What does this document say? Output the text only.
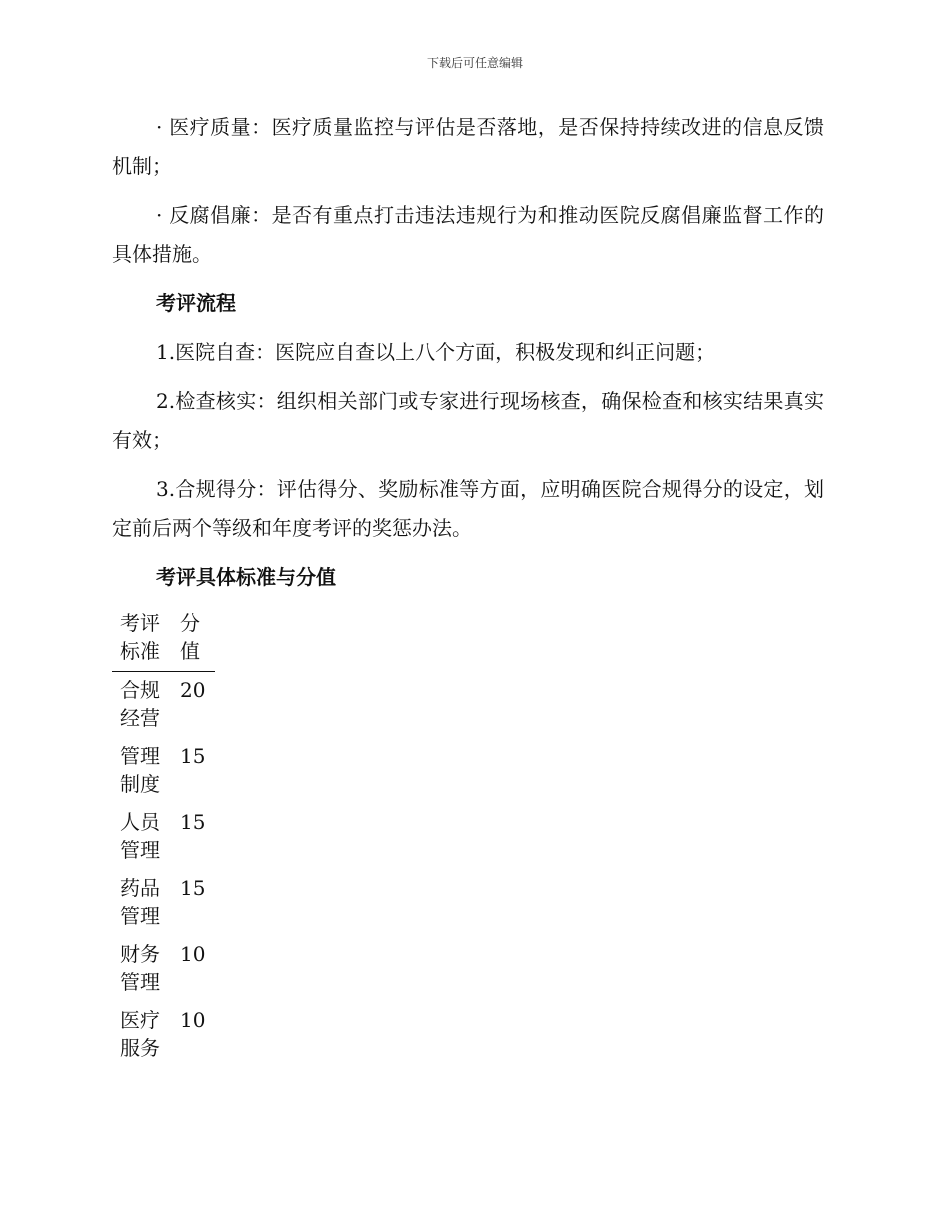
下载后可任意编辑

· 医疗质量：医疗质量监控与评估是否落地，是否保持持续改进的信息反馈机制；

· 反腐倡廉：是否有重点打击违法违规行为和推动医院反腐倡廉监督工作的具体措施。

考评流程

1.医院自查：医院应自查以上八个方面，积极发现和纠正问题；

2.检查核实：组织相关部门或专家进行现场核查，确保检查和核实结果真实有效；

3.合规得分：评估得分、奖励标准等方面，应明确医院合规得分的设定，划定前后两个等级和年度考评的奖惩办法。

考评具体标准与分值

考评标准	分值

合规经营	20

管理制度	15

人员管理	15

药品管理	15

财务管理	10

医疗服务	10
